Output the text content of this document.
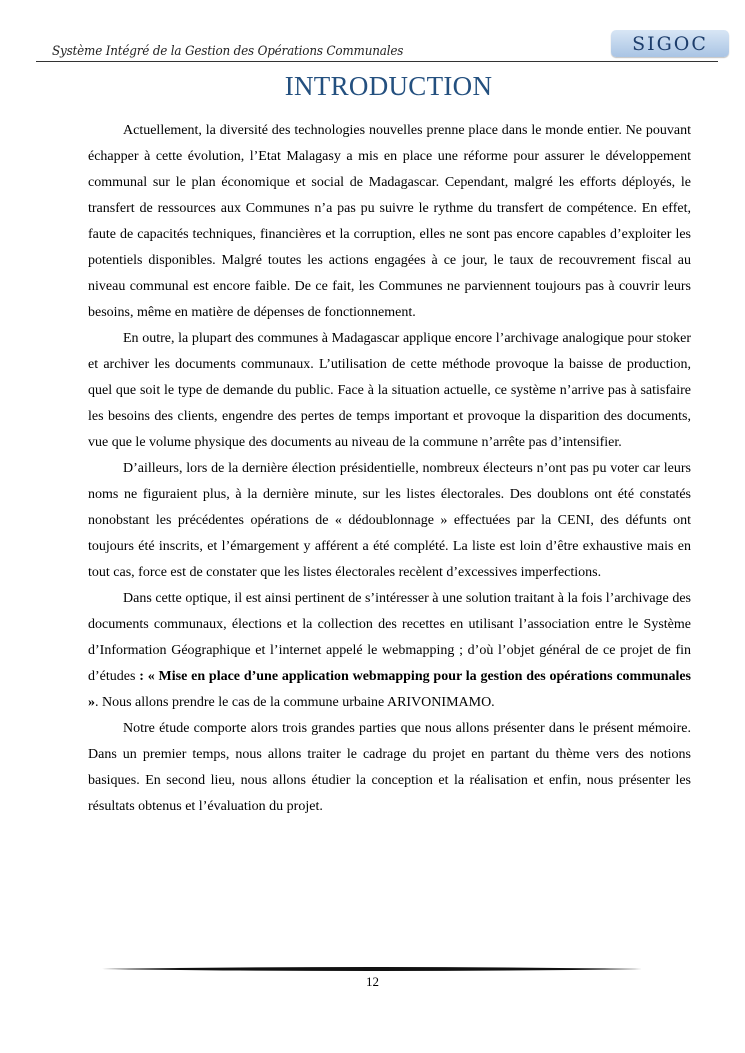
Système Intégré de la Gestion des Opérations Communales	SIGOC
INTRODUCTION

Actuellement, la diversité des technologies nouvelles prenne place dans le monde entier. Ne pouvant échapper à cette évolution, l’Etat Malagasy a mis en place une réforme pour assurer le développement communal sur le plan économique et social de Madagascar. Cependant, malgré les efforts déployés, le transfert de ressources aux Communes n’a pas pu suivre le rythme du transfert de compétence. En effet, faute de capacités techniques, financières et la corruption, elles ne sont pas encore capables d’exploiter les potentiels disponibles. Malgré toutes les actions engagées à ce jour, le taux de recouvrement fiscal au niveau communal est encore faible. De ce fait, les Communes ne parviennent toujours pas à couvrir leurs besoins, même en matière de dépenses de fonctionnement.

En outre, la plupart des communes à Madagascar applique encore l’archivage analogique pour stoker et archiver les documents communaux. L’utilisation de cette méthode provoque la baisse de production, quel que soit le type de demande du public. Face à la situation actuelle, ce système n’arrive pas à satisfaire les besoins des clients, engendre des pertes de temps important et provoque la disparition des documents, vue que le volume physique des documents au niveau de la commune n’arrête pas d’intensifier.

D’ailleurs, lors de la dernière élection présidentielle, nombreux électeurs n’ont pas pu voter car leurs noms ne figuraient plus, à la dernière minute, sur les listes électorales. Des doublons ont été constatés nonobstant les précédentes opérations de « dédoublonnage » effectuées par la CENI, des défunts ont toujours été inscrits, et l’émargement y afférent a été complété. La liste est loin d’être exhaustive mais en tout cas, force est de constater que les listes électorales recèlent d’excessives imperfections.

Dans cette optique, il est ainsi pertinent de s’intéresser à une solution traitant à la fois l’archivage des documents communaux, élections et la collection des recettes en utilisant l’association entre le Système d’Information Géographique et l’internet appelé le webmapping ; d’où l’objet général de ce projet de fin d’études : « Mise en place d’une application webmapping pour la gestion des opérations communales ». Nous allons prendre le cas de la commune urbaine ARIVONIMAMO.

Notre étude comporte alors trois grandes parties que nous allons présenter dans le présent mémoire. Dans un premier temps, nous allons traiter le cadrage du projet en partant du thème vers des notions basiques. En second lieu, nous allons étudier la conception et la réalisation et enfin, nous présenter les résultats obtenus et l’évaluation du projet.

12
